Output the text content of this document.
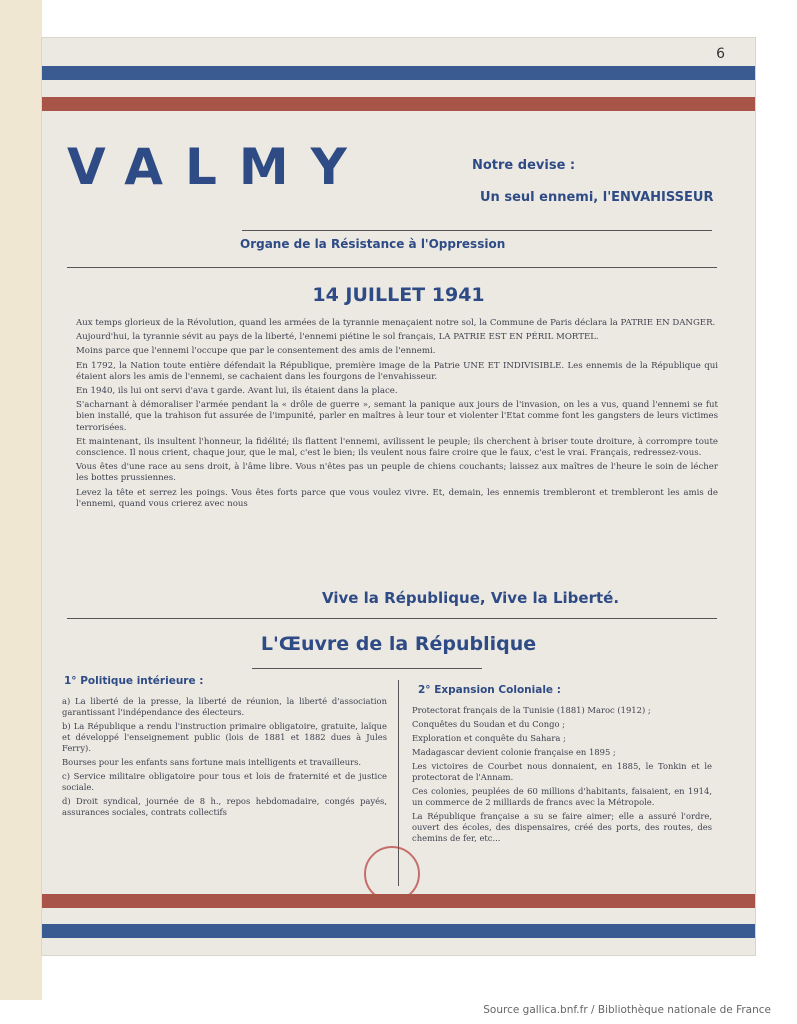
6
VALMY	Notre devise :
Un seul ennemi, l'ENVAHISSEUR
Organe de la Résistance à l'Oppression
14 JUILLET 1941

Aux temps glorieux de la Révolution, quand les armées de la tyrannie menaçaient notre sol, la Commune de Paris déclara la PATRIE EN DANGER.

Aujourd'hui, la tyrannie sévit au pays de la liberté, l'ennemi piétine le sol français, LA PATRIE EST EN PÉRIL MORTEL.

Moins parce que l'ennemi l'occupe que par le consentement des amis de l'ennemi.

En 1792, la Nation toute entière défendait la République, première image de la Patrie UNE ET INDIVISIBLE. Les ennemis de la République qui étaient alors les amis de l'ennemi, se cachaient dans les fourgons de l'envahisseur.

En 1940, ils lui ont servi d'ava t garde. Avant lui, ils étaient dans la place.

S'acharnant à démoraliser l'armée pendant la « drôle de guerre », semant la panique aux jours de l'invasion, on les a vus, quand l'ennemi se fut bien installé, que la trahison fut assurée de l'impunité, parler en maîtres à leur tour et violenter l'Etat comme font les gangsters de leurs victimes terrorisées.

Et maintenant, ils insultent l'honneur, la fidélité; ils flattent l'ennemi, avilissent le peuple; ils cherchent à briser toute droiture, à corrompre toute conscience. Il nous crient, chaque jour, que le mal, c'est le bien; ils veulent nous faire croire que le faux, c'est le vrai. Français, redressez-vous.

Vous êtes d'une race au sens droit, à l'âme libre. Vous n'êtes pas un peuple de chiens couchants; laissez aux maîtres de l'heure le soin de lécher les bottes prussiennes.

Levez la tête et serrez les poings. Vous êtes forts parce que vous voulez vivre. Et, demain, les ennemis trembleront et trembleront les amis de l'ennemi, quand vous crierez avec nous

Vive la République, Vive la Liberté.
L'Œuvre de la République
1° Politique intérieure :

a) La liberté de la presse, la liberté de réunion, la liberté d'association garantissant l'indépendance des électeurs.

b) La République a rendu l'instruction primaire obligatoire, gratuite, laïque et développé l'enseignement public (lois de 1881 et 1882 dues à Jules Ferry).

Bourses pour les enfants sans fortune mais intelligents et travailleurs.

c) Service militaire obligatoire pour tous et lois de fraternité et de justice sociale.

d) Droit syndical, journée de 8 h., repos hebdomadaire, congés payés, assurances sociales, contrats collectifs

2° Expansion Coloniale :

Protectorat français de la Tunisie (1881) Maroc (1912) ;

Conquêtes du Soudan et du Congo ;

Exploration et conquête du Sahara ;

Madagascar devient colonie française en 1895 ;

Les victoires de Courbet nous donnaient, en 1885, le Tonkin et le protectorat de l'Annam.

Ces colonies, peuplées de 60 millions d'habitants, faisaient, en 1914, un commerce de 2 milliards de francs avec la Métropole.

La République française a su se faire aimer; elle a assuré l'ordre, ouvert des écoles, des dispensaires, créé des ports, des routes, des chemins de fer, etc...

Source gallica.bnf.fr / Bibliothèque nationale de France
